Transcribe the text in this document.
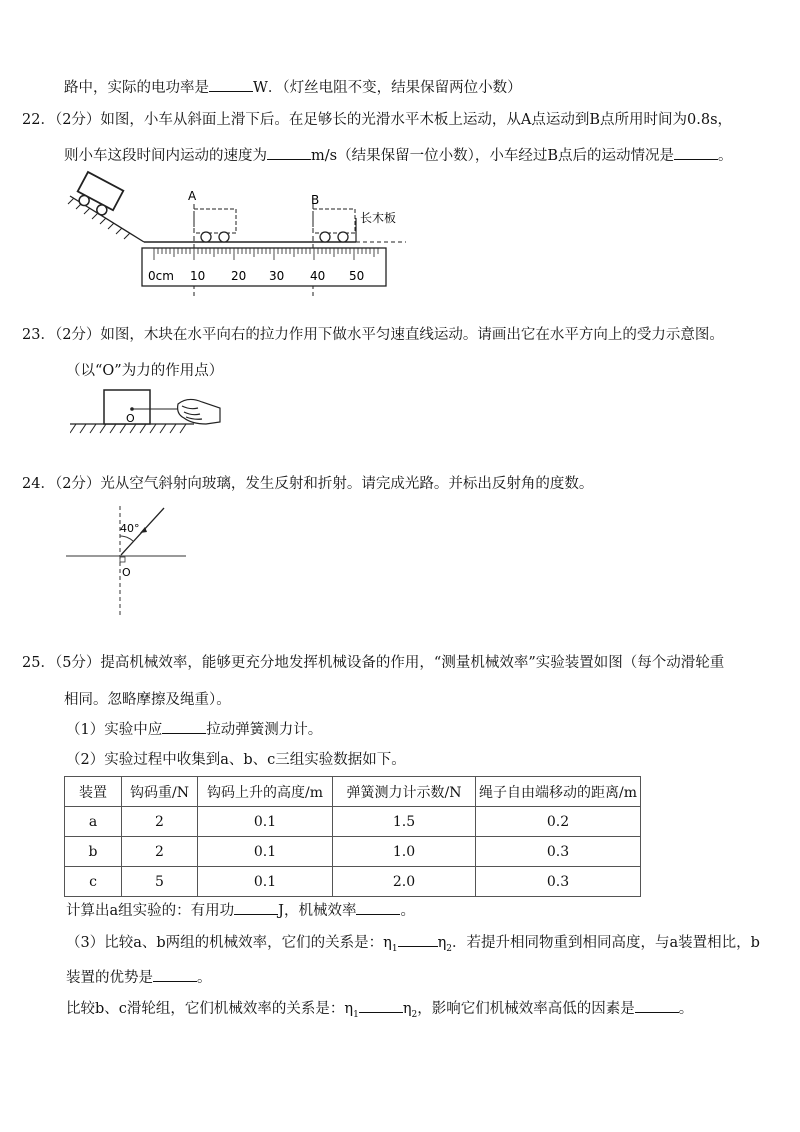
路中，实际的电功率是	W．（灯丝电阻不变，结果保留两位小数）
22．（2分）如图，小车从斜面上滑下后。在足够长的光滑水平木板上运动，从A点运动到B点所用时间为0.8s，
则小车这段时间内运动的速度为	m/s（结果保留一位小数），小车经过B点后的运动情况是	。
A	B
长木板
0cm 10 20 30 40 50
23．（2分）如图，木块在水平向右的拉力作用下做水平匀速直线运动。请画出它在水平方向上的受力示意图。
（以“O”为力的作用点）
O
24．（2分）光从空气斜射向玻璃，发生反射和折射。请完成光路。并标出反射角的度数。
40°
O
25．（5分）提高机械效率，能够更充分地发挥机械设备的作用，“测量机械效率”实验装置如图（每个动滑轮重
相同。忽略摩擦及绳重）。
（1）实验中应	拉动弹簧测力计。
（2）实验过程中收集到a、b、c三组实验数据如下。
装置	钩码重/N	钩码上升的高度/m	弹簧测力计示数/N	绳子自由端移动的距离/m
a	2	0.1	1.5	0.2
b	2	0.1	1.0	0.3
c	5	0.1	2.0	0.3
计算出a组实验的：有用功	J，机械效率	。
（3）比较a、b两组的机械效率，它们的关系是：$\eta_1$	$\eta_2$．若提升相同物重到相同高度，与a装置相比，b
装置的优势是	。
比较b、c滑轮组，它们机械效率的关系是：$\eta_1$	$\eta_2$，影响它们机械效率高低的因素是	。
